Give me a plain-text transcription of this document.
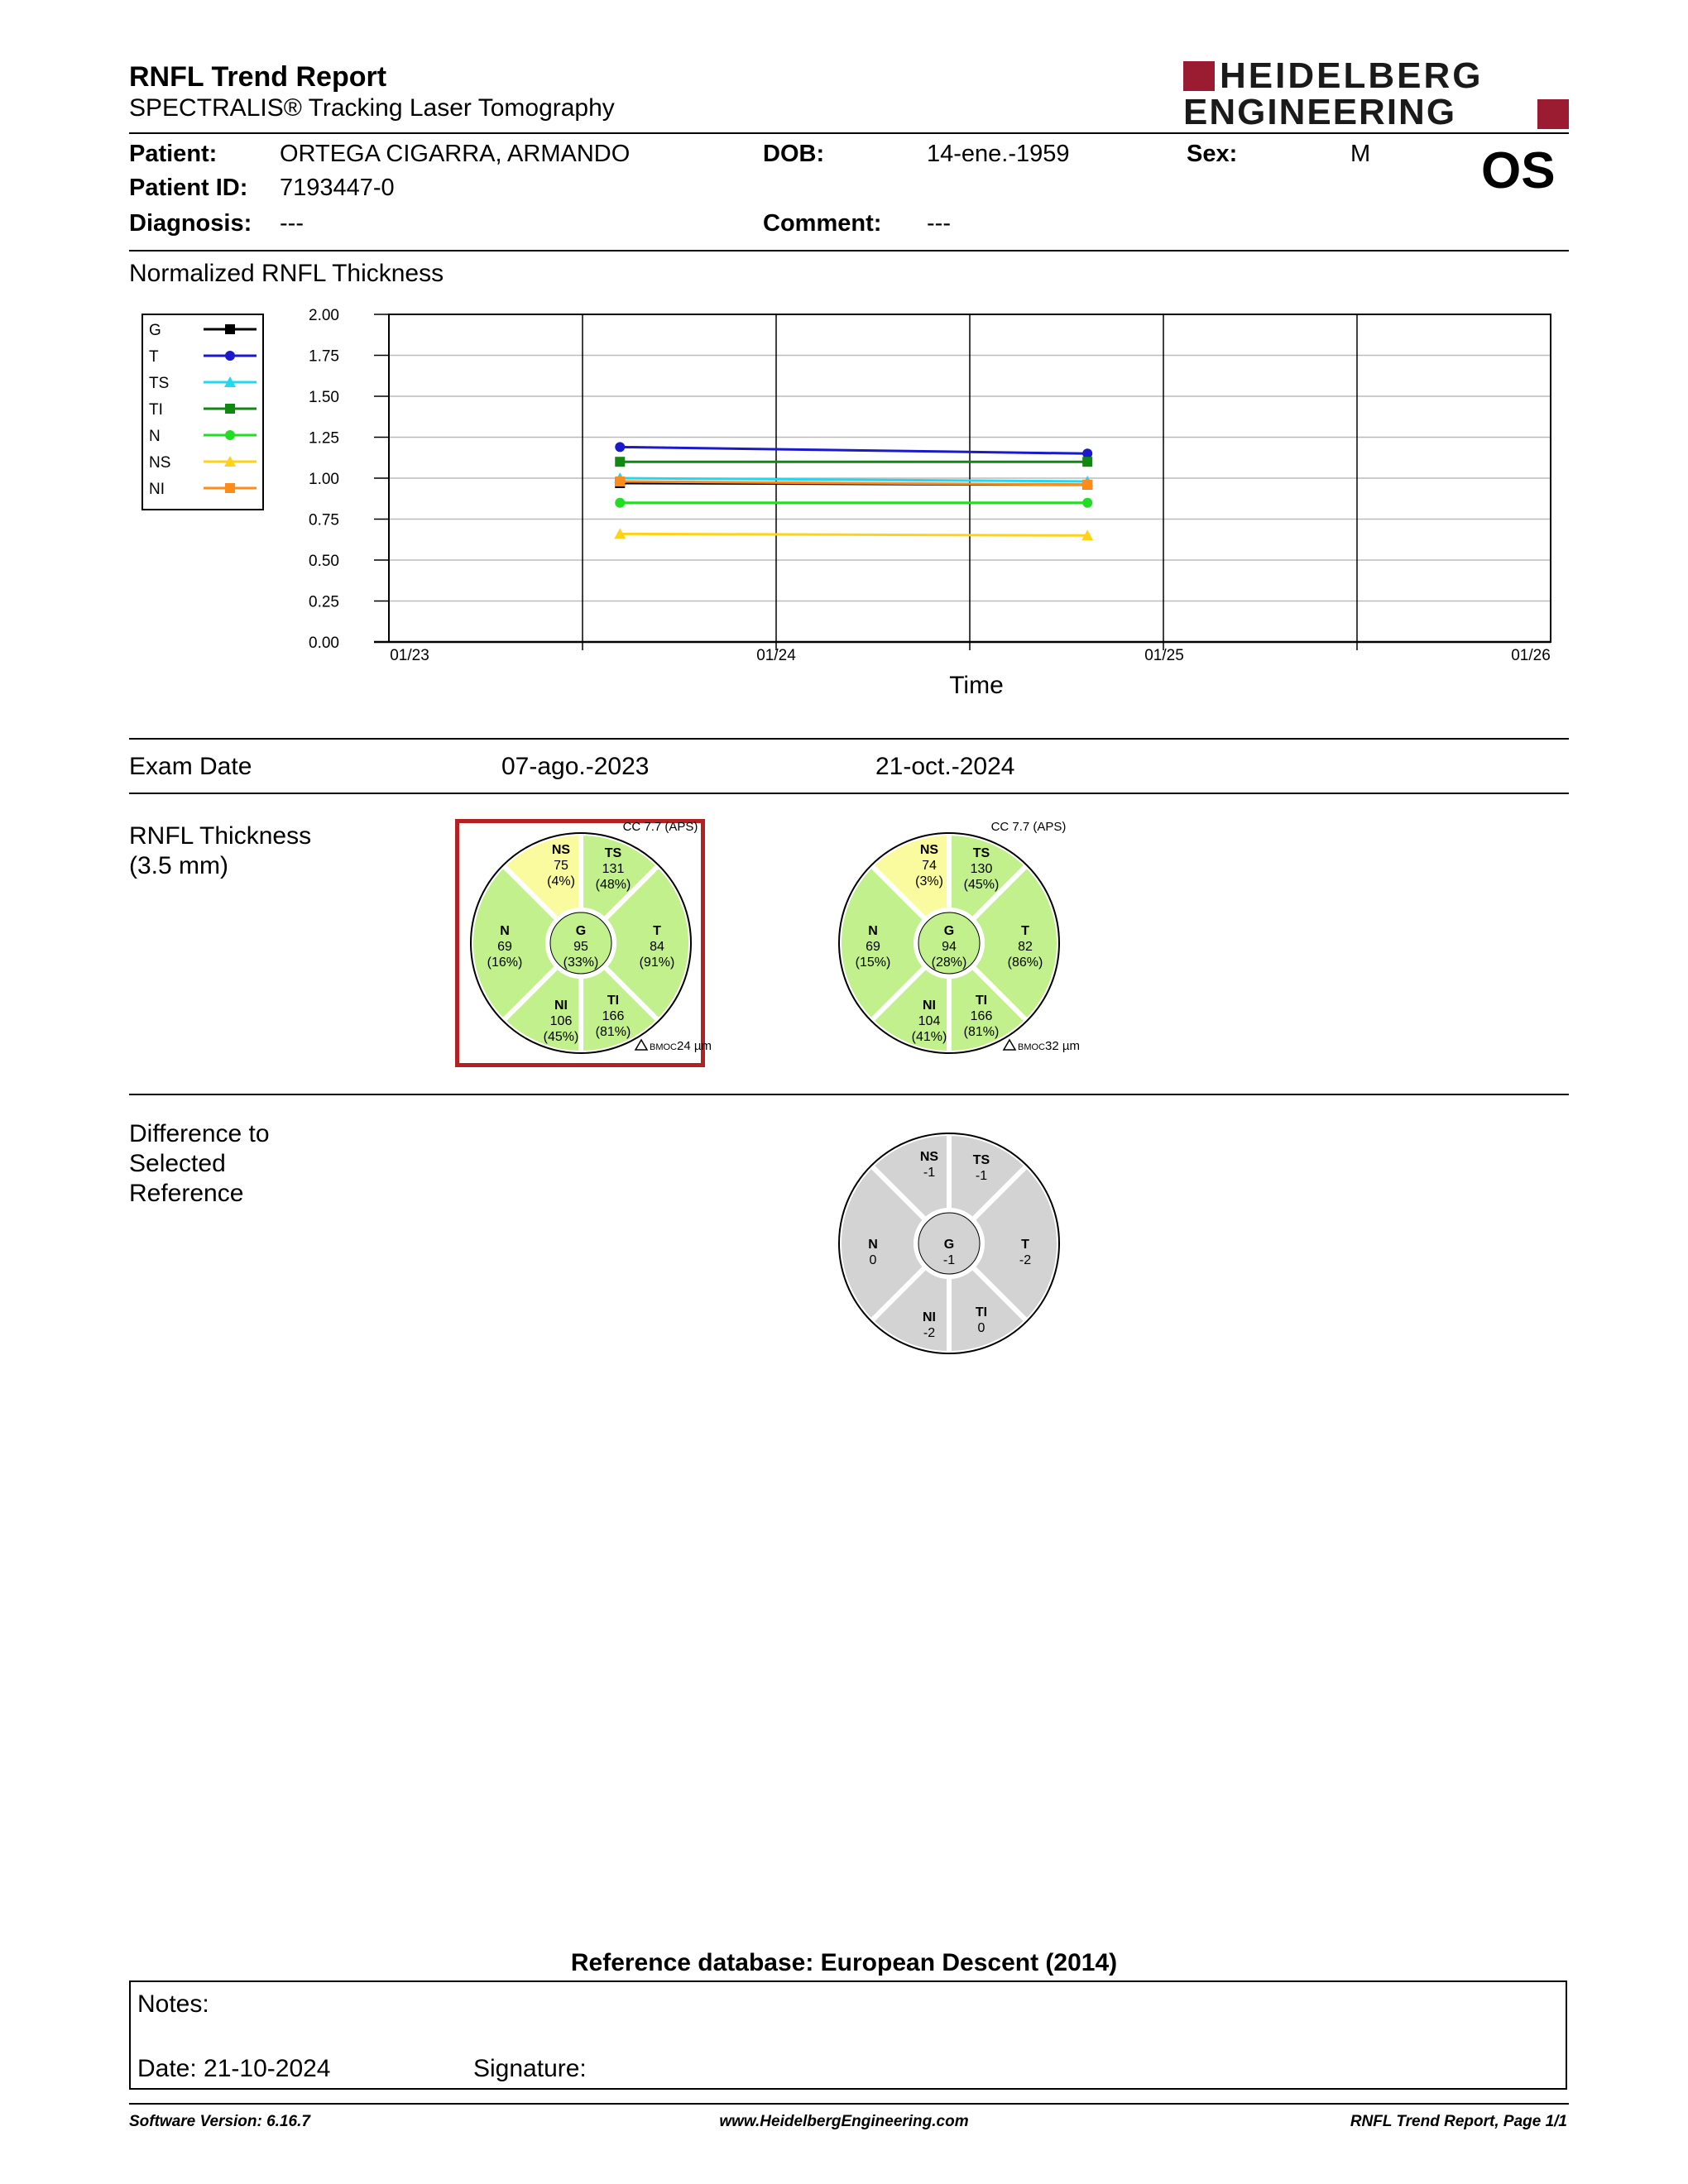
RNFL Trend Report
SPECTRALIS® Tracking Laser Tomography
HEIDELBERG
ENGINEERING
Patient:	ORTEGA CIGARRA, ARMANDO
Patient ID: 7193447-0
Diagnosis: ---
DOB:	14-ene.-1959
Comment: ---
Sex:	M OS
Normalized RNFL Thickness
G
T
TS
TI
N
NS
NI
0.00
0.25
0.50
0.75
1.00
1.25
1.50
1.75
2.00
01/23	01/24	01/25	01/26
Time
Exam Date	07-ago.-2023	21-oct.-2024
RNFL Thickness
(3.5 mm)
NS
75
(4%)
TS
131
(48%)
N
69
(16%)
G
95
(33%)
T
84
(91%)
NI
106
(45%)
TI
166
(81%)
CC 7.7 (APS)
BMOC 24 µm
NS
74
(3%)
TS
130
(45%)
N
69
(15%)
G
94
(28%)
T
82
(86%)
NI
104
(41%)
TI
166
(81%)
CC 7.7 (APS)
BMOC 32 µm
Difference to
Selected
Reference
NS
-1
TS
-1
N
0
G
-1
T
-2
NI
-2
TI
0
Reference database: European Descent (2014)
Notes:
Date: 21-10-2024	Signature:
Software Version: 6.16.7	www.HeidelbergEngineering.com	RNFL Trend Report, Page 1/1
